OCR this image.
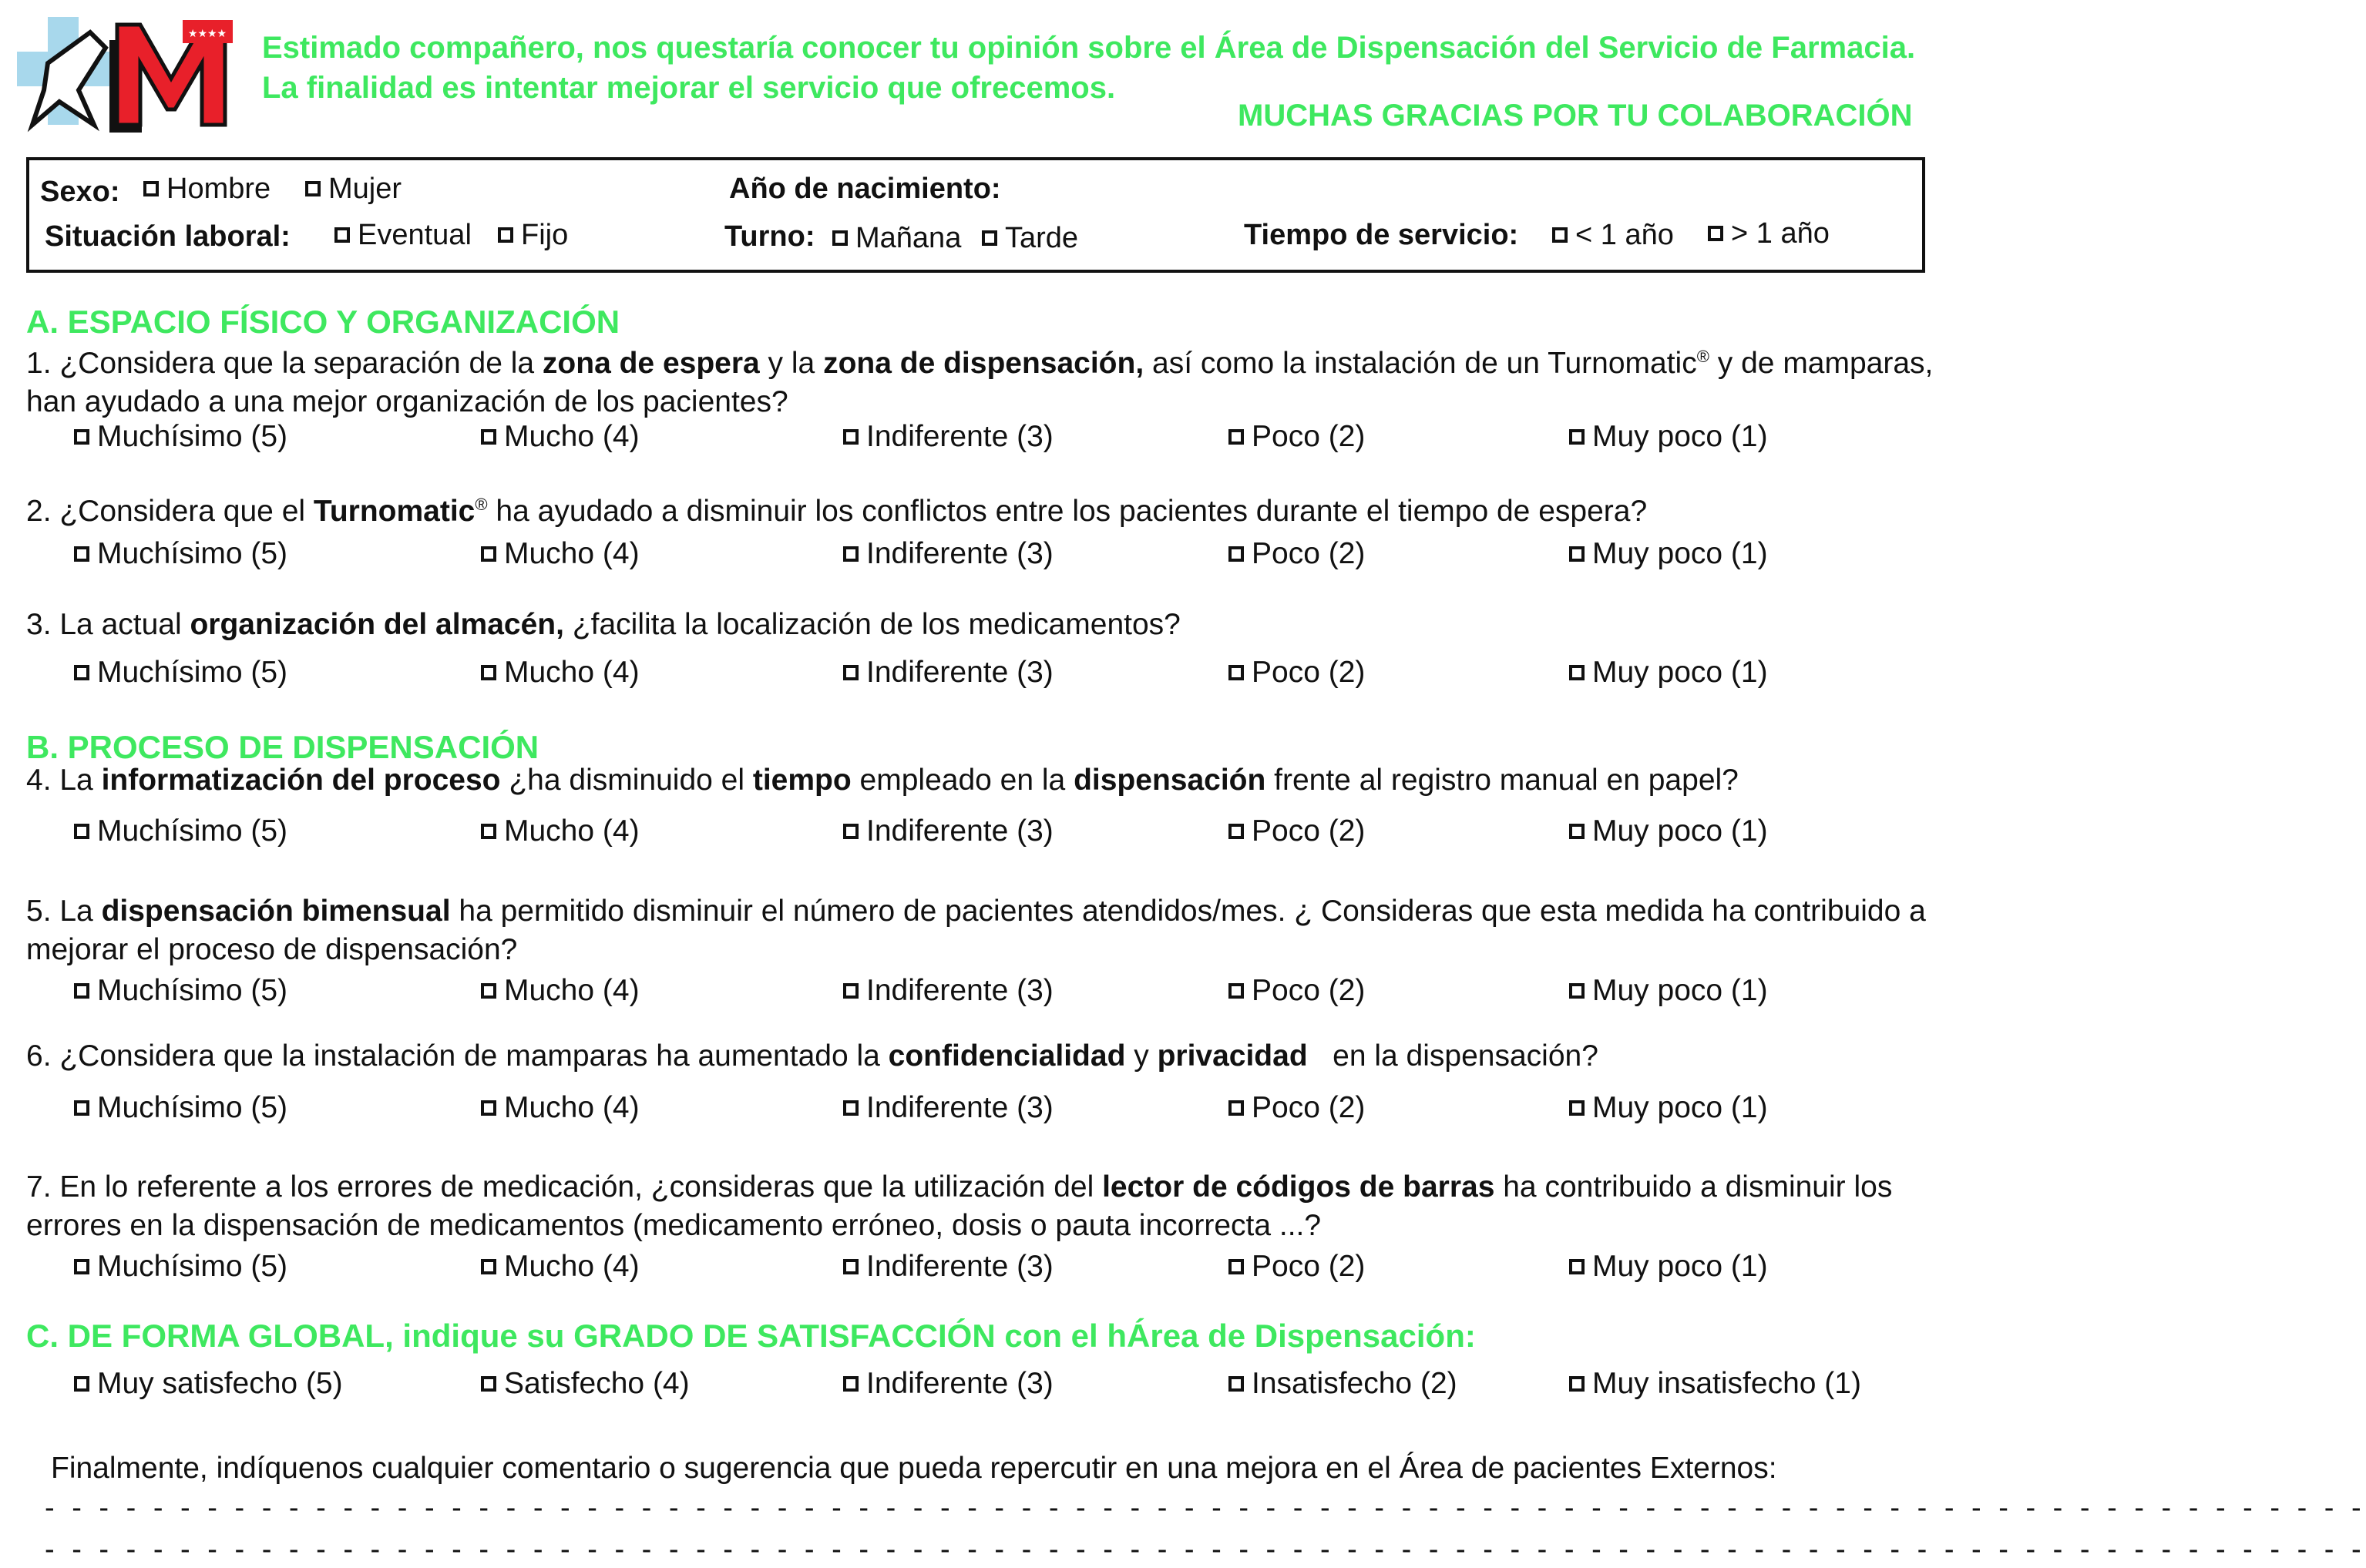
★★★★ Estimado compañero, nos questaría conocer tu opinión sobre el Área de Dispensación del Servicio de Farmacia.
La finalidad es intentar mejorar el servicio que ofrecemos.
MUCHAS GRACIAS POR TU COLABORACIÓN
Sexo:	Hombre	Mujer	Año de nacimiento:
Situación laboral:	Eventual	Fijo	Turno:	Mañana	Tarde	Tiempo de servicio:	< 1 año	> 1 año
A. ESPACIO FÍSICO Y ORGANIZACIÓN
1. ¿Considera que la separación de la zona de espera y la zona de dispensación, así como la instalación de un Turnomatic® y de mamparas, han ayudado a una mejor organización de los pacientes?
Muchísimo (5)	Mucho (4)	Indiferente (3)	Poco (2)	Muy poco (1)
2. ¿Considera que el Turnomatic® ha ayudado a disminuir los conflictos entre los pacientes durante el tiempo de espera?
Muchísimo (5)	Mucho (4)	Indiferente (3)	Poco (2)	Muy poco (1)
3. La actual organización del almacén, ¿facilita la localización de los medicamentos?
Muchísimo (5)	Mucho (4)	Indiferente (3)	Poco (2)	Muy poco (1)
B. PROCESO DE DISPENSACIÓN
4. La informatización del proceso ¿ha disminuido el tiempo empleado en la dispensación frente al registro manual en papel?
Muchísimo (5)	Mucho (4)	Indiferente (3)	Poco (2)	Muy poco (1)
5. La dispensación bimensual ha permitido disminuir el número de pacientes atendidos/mes. ¿ Consideras que esta medida ha contribuido a mejorar el proceso de dispensación?
Muchísimo (5)	Mucho (4)	Indiferente (3)	Poco (2)	Muy poco (1)
6. ¿Considera que la instalación de mamparas ha aumentado la confidencialidad y privacidad   en la dispensación?
Muchísimo (5)	Mucho (4)	Indiferente (3)	Poco (2)	Muy poco (1)
7. En lo referente a los errores de medicación, ¿consideras que la utilización del lector de códigos de barras ha contribuido a disminuir los errores en la dispensación de medicamentos (medicamento erróneo, dosis o pauta incorrecta ...?
Muchísimo (5)	Mucho (4)	Indiferente (3)	Poco (2)	Muy poco (1)
C. DE FORMA GLOBAL, indique su GRADO DE SATISFACCIÓN con el hÁrea de Dispensación:
Muy satisfecho (5)	Satisfecho (4)	Indiferente (3)	Insatisfecho (2)	Muy insatisfecho (1)
Finalmente, indíquenos cualquier comentario o sugerencia que pueda repercutir en una mejora en el Área de pacientes Externos:
- - - - - - - - - - - - - - - - - - - - - - - - - - - - - - - - - - - - - - - - - - - - - - - - - - - - - - - - - - - - - - - - - - - - - - - - - - - - - - - - - - - - - -
- - - - - - - - - - - - - - - - - - - - - - - - - - - - - - - - - - - - - - - - - - - - - - - - - - - - - - - - - - - - - - - - - - - - - - - - - - - - - - - - - - - - - -
